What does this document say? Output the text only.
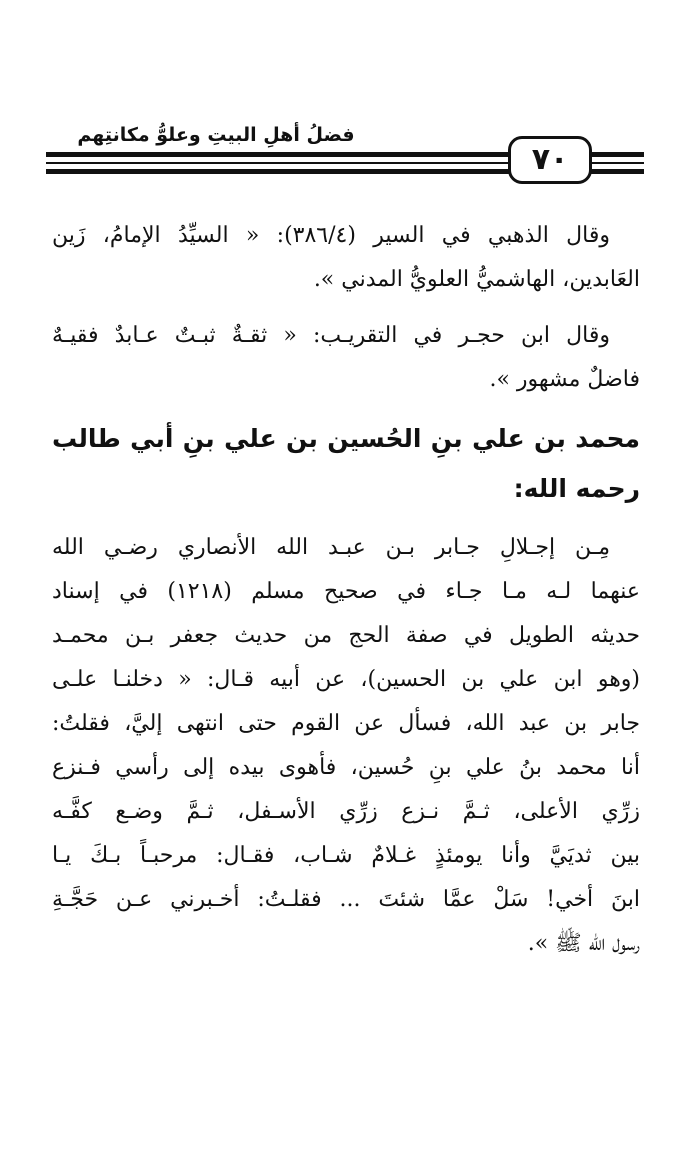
فضلُ أهلِ البيتِ وعلوُّ مكانتِهم
٧٠
وقال الذهبي في السير (٣٨٦/٤): « السيِّدُ الإمامُ، زَين
العَابدين، الهاشميُّ العلويُّ المدني ».
وقال ابن حجـر في التقريـب: « ثقـةٌ ثبـتٌ عـابدٌ فقيـهٌ
فاضلٌ مشهور ».
محمد بن علي بنِ الحُسين بن علي بنِ أبي طالب
رحمه الله:
مِـن إجـلالِ جـابر بـن عبـد الله الأنصاري رضـي الله
عنهما لـه مـا جـاء في صحيح مسلم (١٢١٨) في إسناد
حديثه الطويل في صفة الحج من حديث جعفر بـن محمـد
(وهو ابن علي بن الحسين)، عن أبيه قـال: « دخلنـا علـى
جابر بن عبد الله، فسأل عن القوم حتى انتهى إليَّ، فقلتُ:
أنا محمد بنُ علي بنِ حُسين، فأهوى بيده إلى رأسي فـنزع
زرِّي الأعلى، ثـمَّ نـزع زرِّي الأسـفل، ثـمَّ وضـع كفَّـه
بين ثديَيَّ وأنا يومئذٍ غـلامٌ شـاب، فقـال: مرحبـاً بـكَ يـا
ابنَ أخي! سَلْ عمَّا شئتَ ... فقلـتُ: أخـبرني عـن حَجَّـةِ
رسول الله ﷺ ».
